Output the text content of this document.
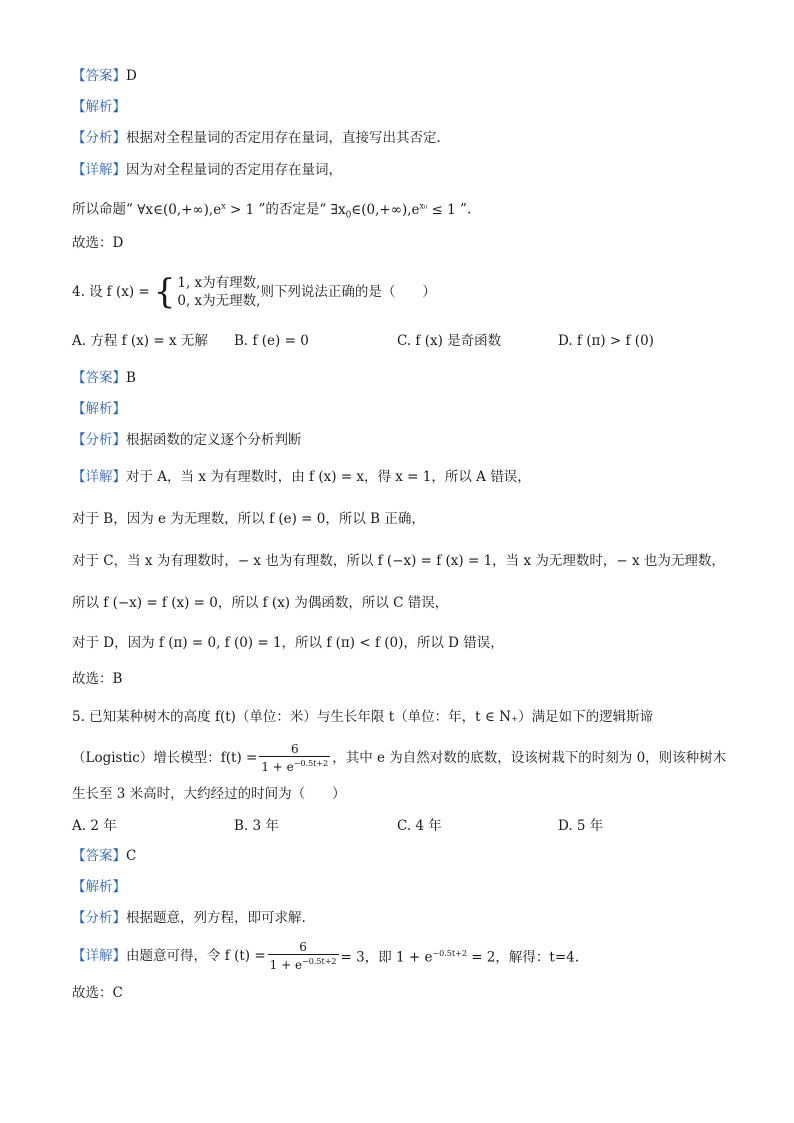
【答案】D
【解析】
【分析】根据对全程量词的否定用存在量词，直接写出其否定.
【详解】因为对全程量词的否定用存在量词，
所以命题“ $\forall x\in(0,+\infty),e^x > 1$ ”的否定是“ $\exists x_0\in(0,+\infty),e^{x_0} \le 1$ ”.
故选：D
4. 设 f (x) = { 1, x为有理数,
0, x为无理数,
则下列说法正确的是（　　）
A. 方程 f (x) = x 无解 B. f (e) = 0	C. f (x) 是奇函数	D. f (π) > f (0)
【答案】B
【解析】
【分析】根据函数的定义逐个分析判断
【详解】对于 A，当 x 为有理数时，由 f (x) = x，得 x = 1，所以 A 错误，
对于 B，因为 e 为无理数，所以 f (e) = 0，所以 B 正确，
对于 C，当 x 为有理数时，− x 也为有理数，所以 f (−x) = f (x) = 1，当 x 为无理数时，− x 也为无理数，
所以 f (−x) = f (x) = 0，所以 f (x) 为偶函数，所以 C 错误，
对于 D，因为 f (π) = 0, f (0) = 1，所以 f (π) < f (0)，所以 D 错误，
故选：B
5. 已知某种树木的高度 f(t)（单位：米）与生长年限 t（单位：年，t ∈ N₊）满足如下的逻辑斯谛
（Logistic）增长模型：$f(t) = \frac{6}{1 + e^{-0.5t+2}}$ ，其中 e 为自然对数的底数，设该树栽下的时刻为 0，则该种树木
生长至 3 米高时，大约经过的时间为（　　）
A. 2 年	B. 3 年	C. 4 年	D. 5 年
【答案】C
【解析】
【分析】根据题意，列方程，即可求解.
【详解】 由题意可得，令 f $(t) = \frac{6}{1 + e^{-0.5t+2}} = 3$，即 $1 + e^{-0.5t+2} = 2$，解得：t=4.
故选：C
